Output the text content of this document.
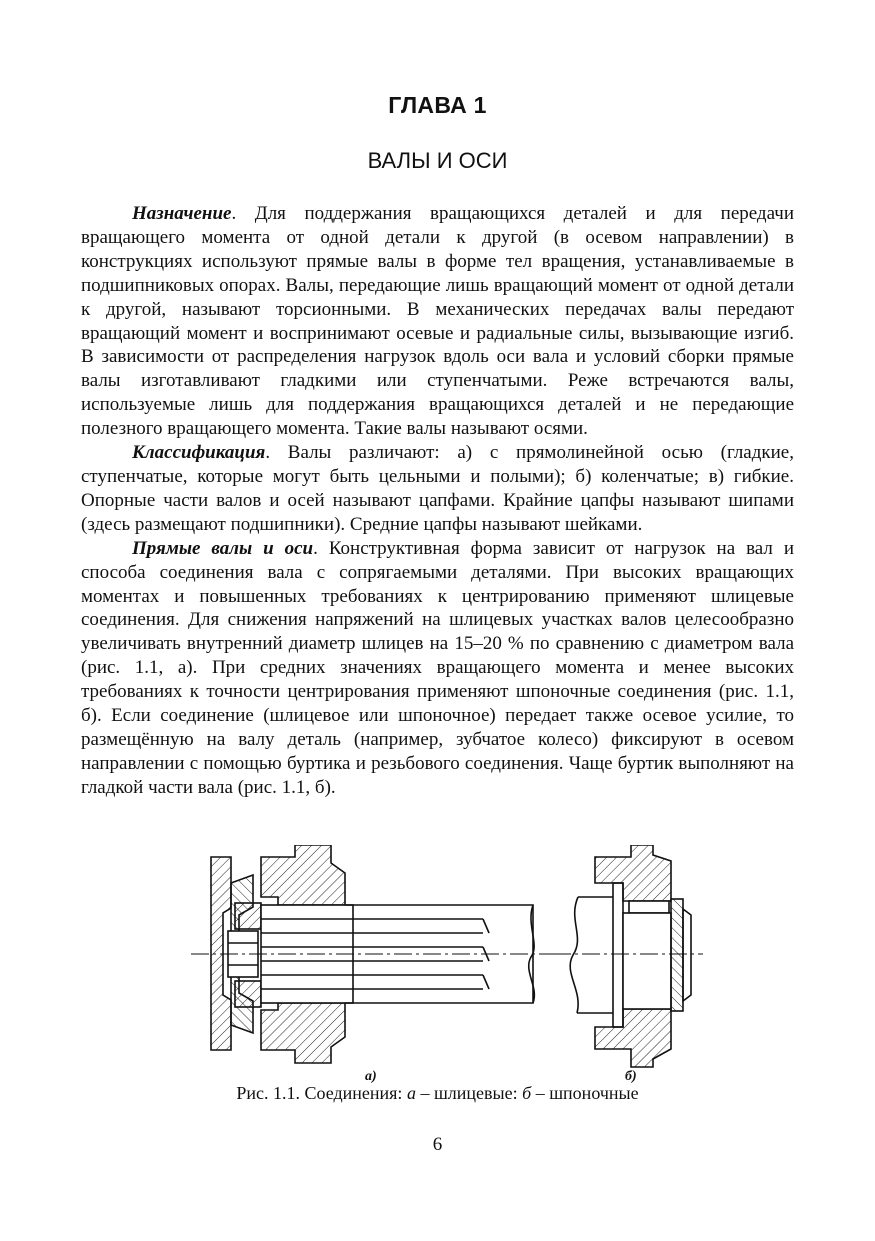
ГЛАВА 1
ВАЛЫ И ОСИ

Назначение. Для поддержания вращающихся деталей и для передачи вращающего момента от одной детали к другой (в осевом направлении) в конструкциях используют прямые валы в форме тел вращения, устанавливаемые в подшипниковых опорах. Валы, передающие лишь вращающий момент от одной детали к другой, называют торсионными. В механических передачах валы передают вращающий момент и воспринимают осевые и радиальные силы, вызывающие изгиб. В зависимости от распределения нагрузок вдоль оси вала и условий сборки прямые валы изготавливают гладкими или ступенчатыми. Реже встречаются валы, используемые лишь для поддержания вращающихся деталей и не передающие полезного вращающего момента. Такие валы называют осями.

Классификация. Валы различают: а) с прямолинейной осью (гладкие, ступенчатые, которые могут быть цельными и полыми); б) коленчатые; в) гибкие. Опорные части валов и осей называют цапфами. Крайние цапфы называют шипами (здесь размещают подшипники). Средние цапфы называют шейками.

Прямые валы и оси. Конструктивная форма зависит от нагрузок на вал и способа соединения вала с сопрягаемыми деталями. При высоких вращающих моментах и повышенных требованиях к центрированию применяют шлицевые соединения. Для снижения напряжений на шлицевых участках валов целесообразно увеличивать внутренний диаметр шлицев на 15–20 % по сравнению с диаметром вала (рис. 1.1, а). При средних значениях вращающего момента и менее высоких требованиях к точности центрирования применяют шпоночные соединения (рис. 1.1, б). Если соединение (шлицевое или шпоночное) передает также осевое усилие, то размещённую на валу деталь (например, зубчатое колесо) фиксируют в осевом направлении с помощью буртика и резьбового соединения. Чаще буртик выполняют на гладкой части вала (рис. 1.1, б).

а)	б)
Рис. 1.1. Соединения: а – шлицевые: б – шпоночные
6
